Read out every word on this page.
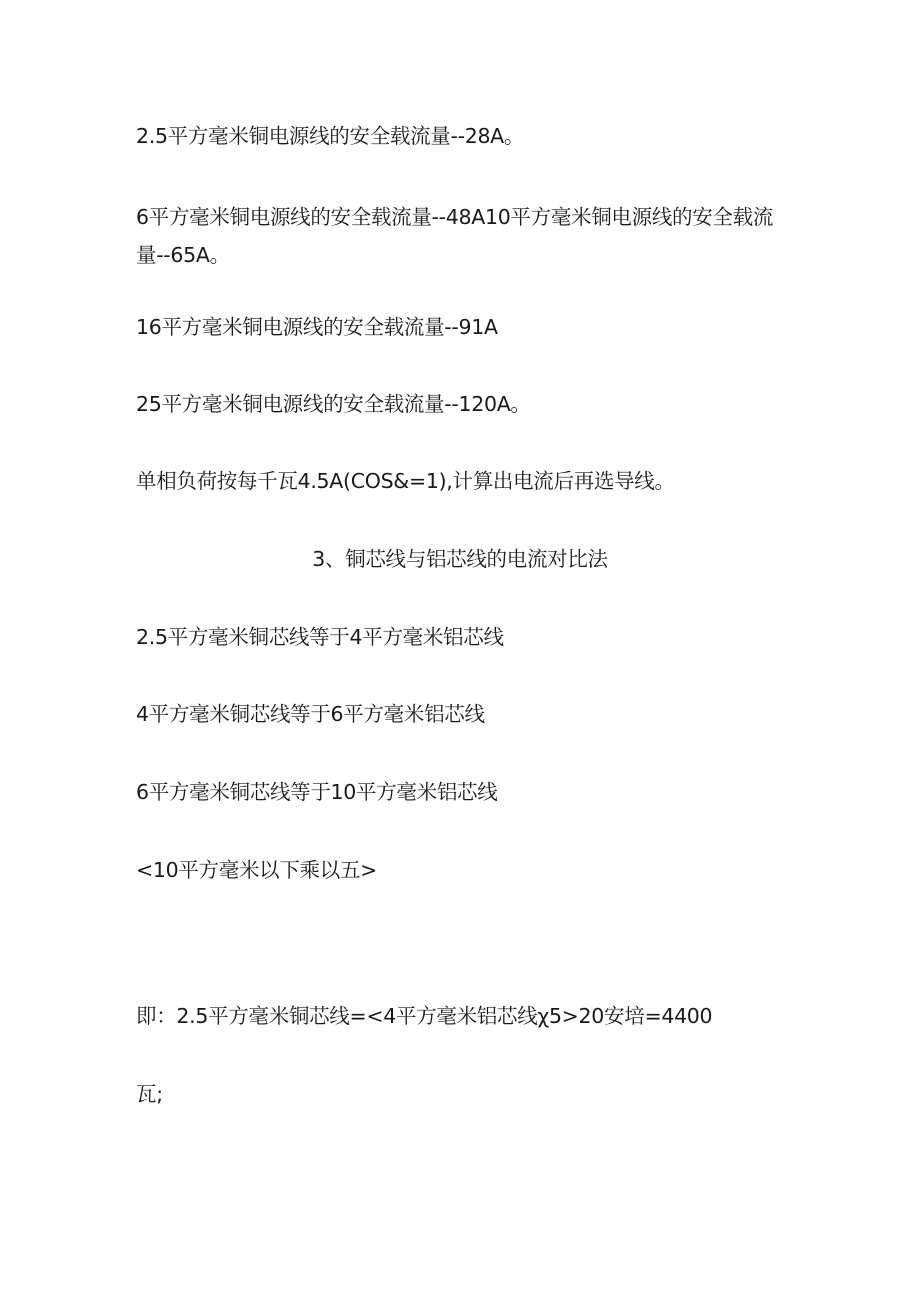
2.5平方毫米铜电源线的安全载流量--28A。
6平方毫米铜电源线的安全载流量--48A10平方毫米铜电源线的安全载流量--65A。
16平方毫米铜电源线的安全载流量--91A
25平方毫米铜电源线的安全载流量--120A。
单相负荷按每千瓦4.5A(COS&=1),计算出电流后再选导线。
3、铜芯线与铝芯线的电流对比法
2.5平方毫米铜芯线等于4平方毫米铝芯线
4平方毫米铜芯线等于6平方毫米铝芯线
6平方毫米铜芯线等于10平方毫米铝芯线
<10平方毫米以下乘以五>
即：2.5平方毫米铜芯线=<4平方毫米铝芯线χ5>20安培=4400
瓦;
